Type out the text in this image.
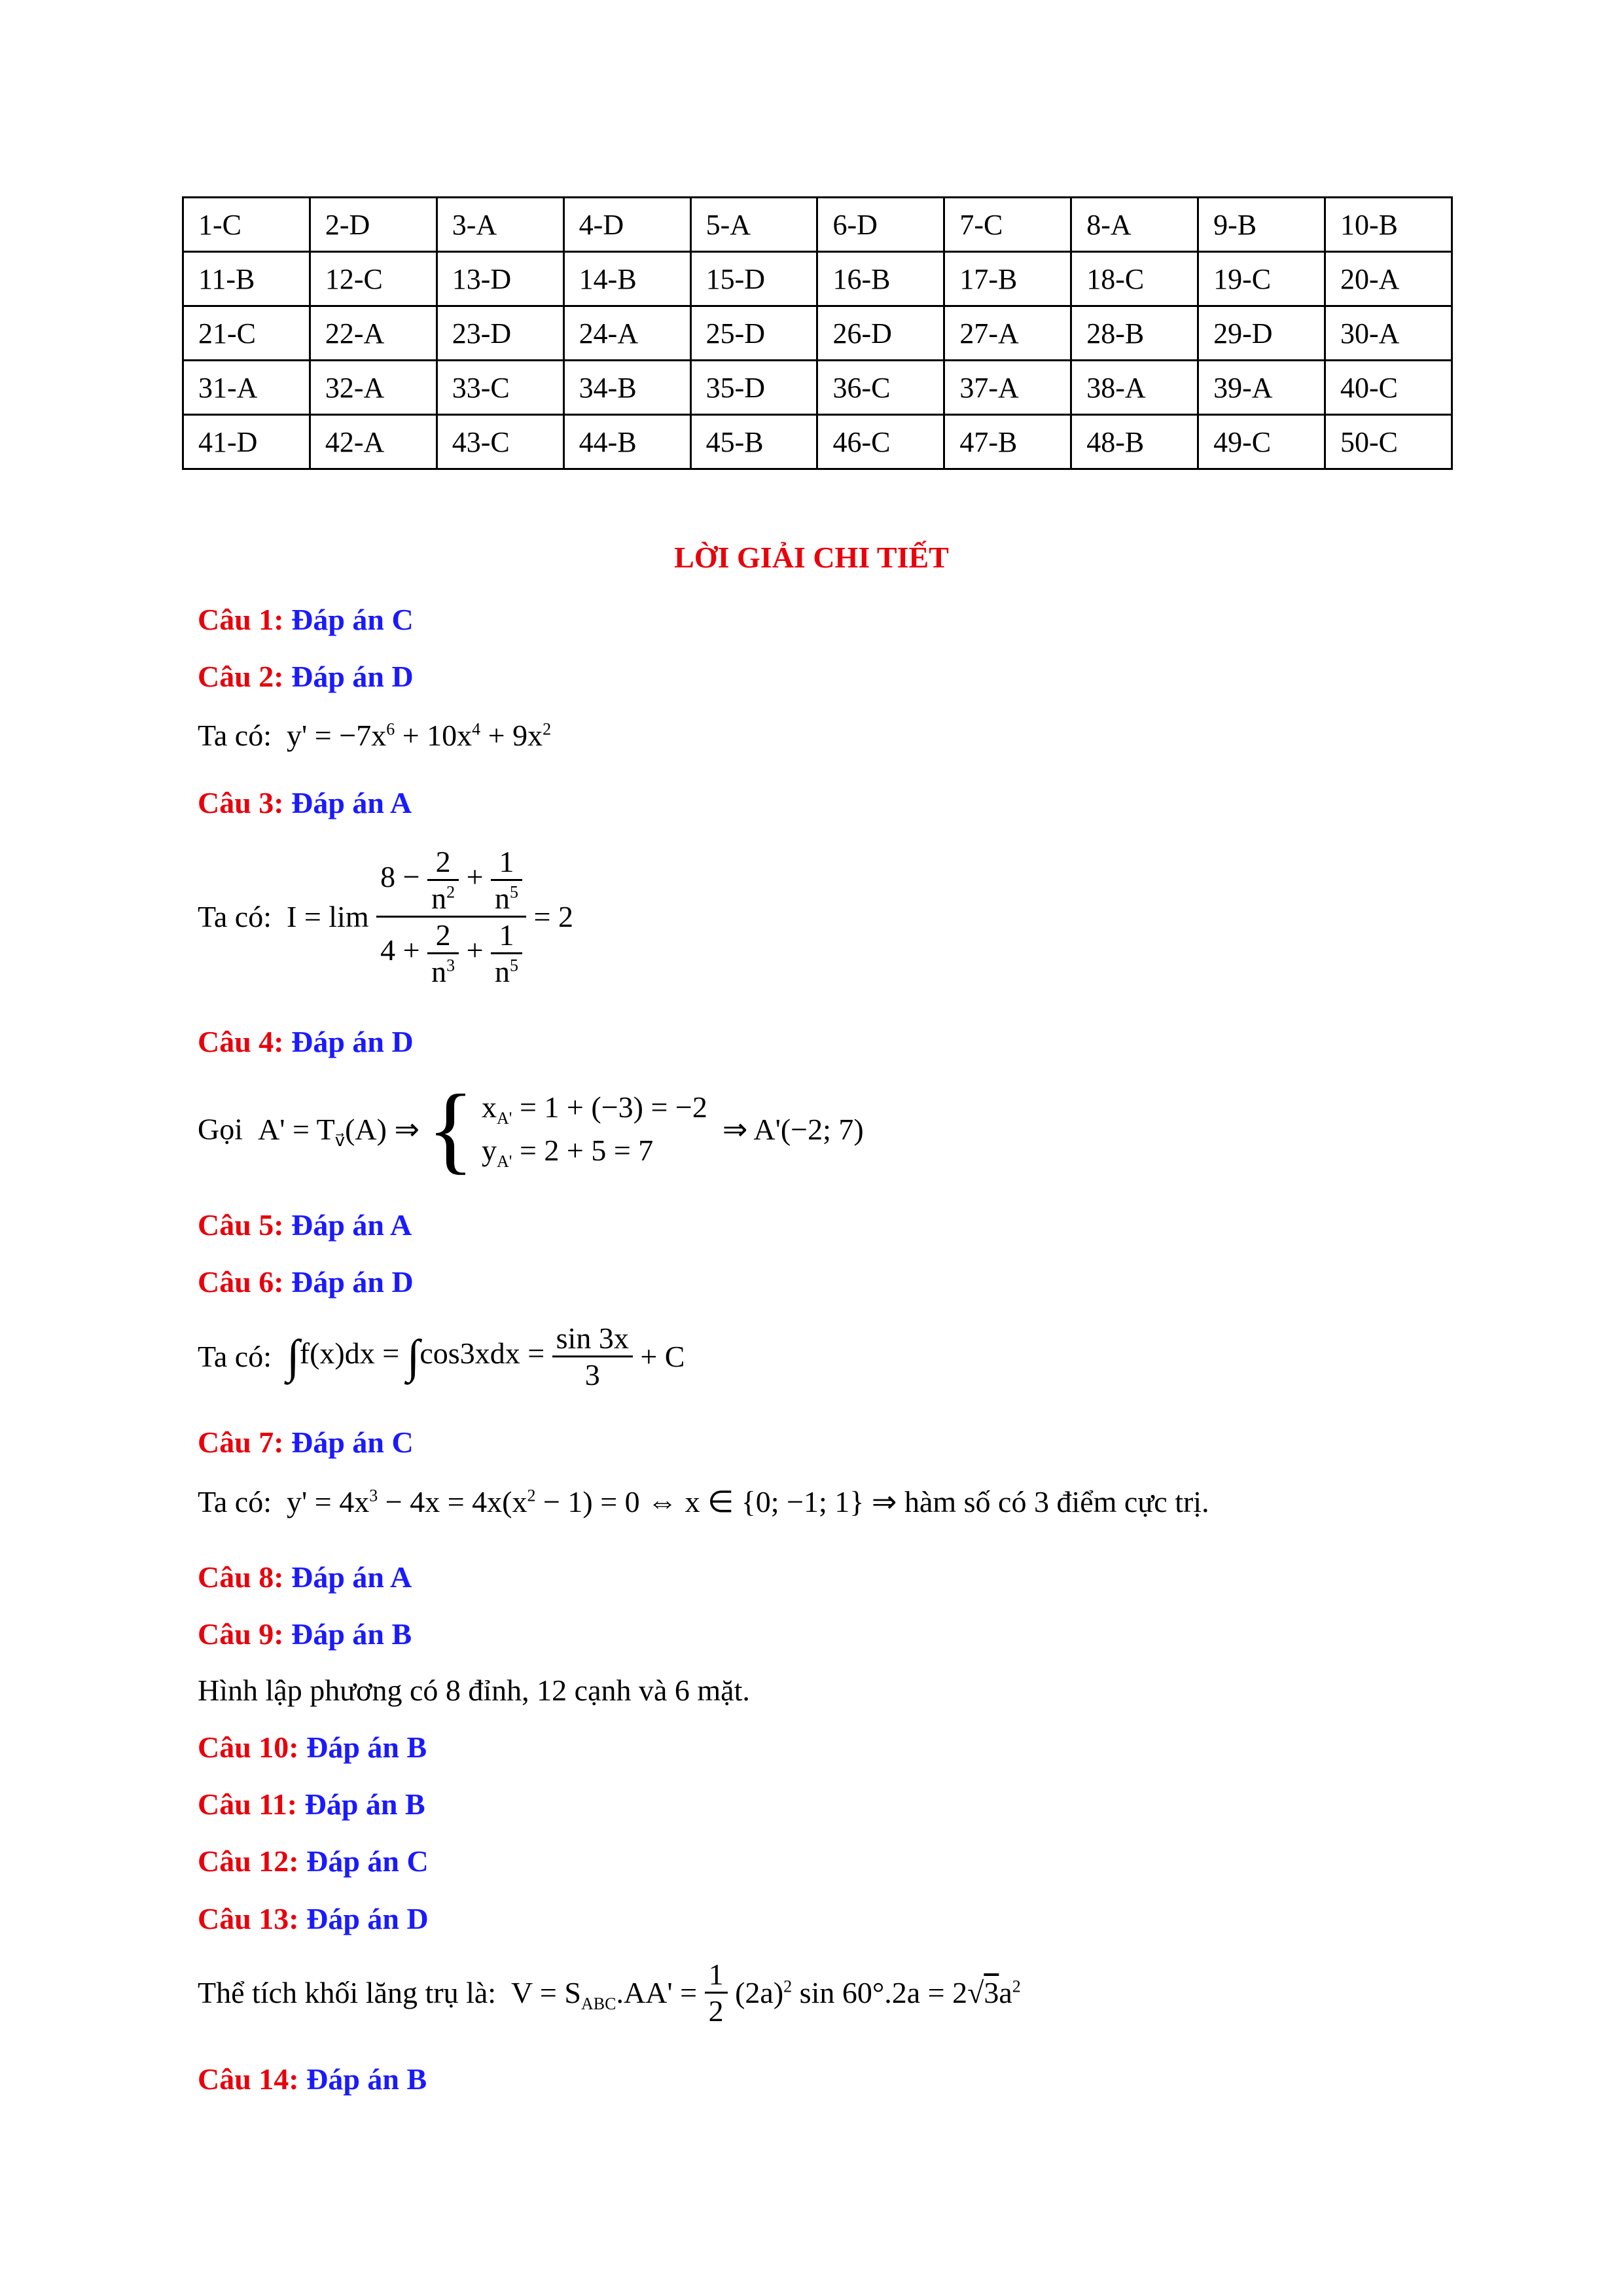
1-C	2-D	3-A	4-D	5-A	6-D	7-C	8-A	9-B	10-B
11-B	12-C	13-D	14-B	15-D	16-B	17-B	18-C	19-C	20-A
21-C	22-A	23-D	24-A	25-D	26-D	27-A	28-B	29-D	30-A
31-A	32-A	33-C	34-B	35-D	36-C	37-A	38-A	39-A	40-C
41-D	42-A	43-C	44-B	45-B	46-C	47-B	48-B	49-C	50-C
LỜI GIẢI CHI TIẾT
Câu 1: Đáp án C
Câu 2: Đáp án D
Ta có:  $y' = -7x^6 + 10x^4 + 9x^2$
Câu 3: Đáp án A
Ta có:  $I = \lim \frac{8 - \frac{2}{n^2} + \frac{1}{n^5}}{4 + \frac{2}{n^3} + \frac{1}{n^5}} = 2$
Câu 4: Đáp án D
Gọi  $A' = T_{v⃗}(A)$ ⇒ { $x_{A'} = 1 + (-3) = -2$
$y_{A'} = 2 + 5 = 7$
⇒ A'(−2; 7)
Câu 5: Đáp án A
Câu 6: Đáp án D
Ta có: $\int f(x)dx = \int\cos 3xdx = \frac{\sin 3x}{3} + C$
Câu 7: Đáp án C
Ta có:  $y' = 4x^3 - 4x = 4x(x^2 - 1) = 0$ ⇔ x ∈ {0; −1; 1} ⇒ hàm số có 3 điểm cực trị.
Câu 8: Đáp án A
Câu 9: Đáp án B
Hình lập phương có 8 đỉnh, 12 cạnh và 6 mặt.
Câu 10: Đáp án B
Câu 11: Đáp án B
Câu 12: Đáp án C
Câu 13: Đáp án D
Thể tích khối lăng trụ là:  $V = S_{ABC}.AA' = \frac{1}{2} (2a)^2$ $\sin 60^\circ.2a = 2√3a^2$
Câu 14: Đáp án B
